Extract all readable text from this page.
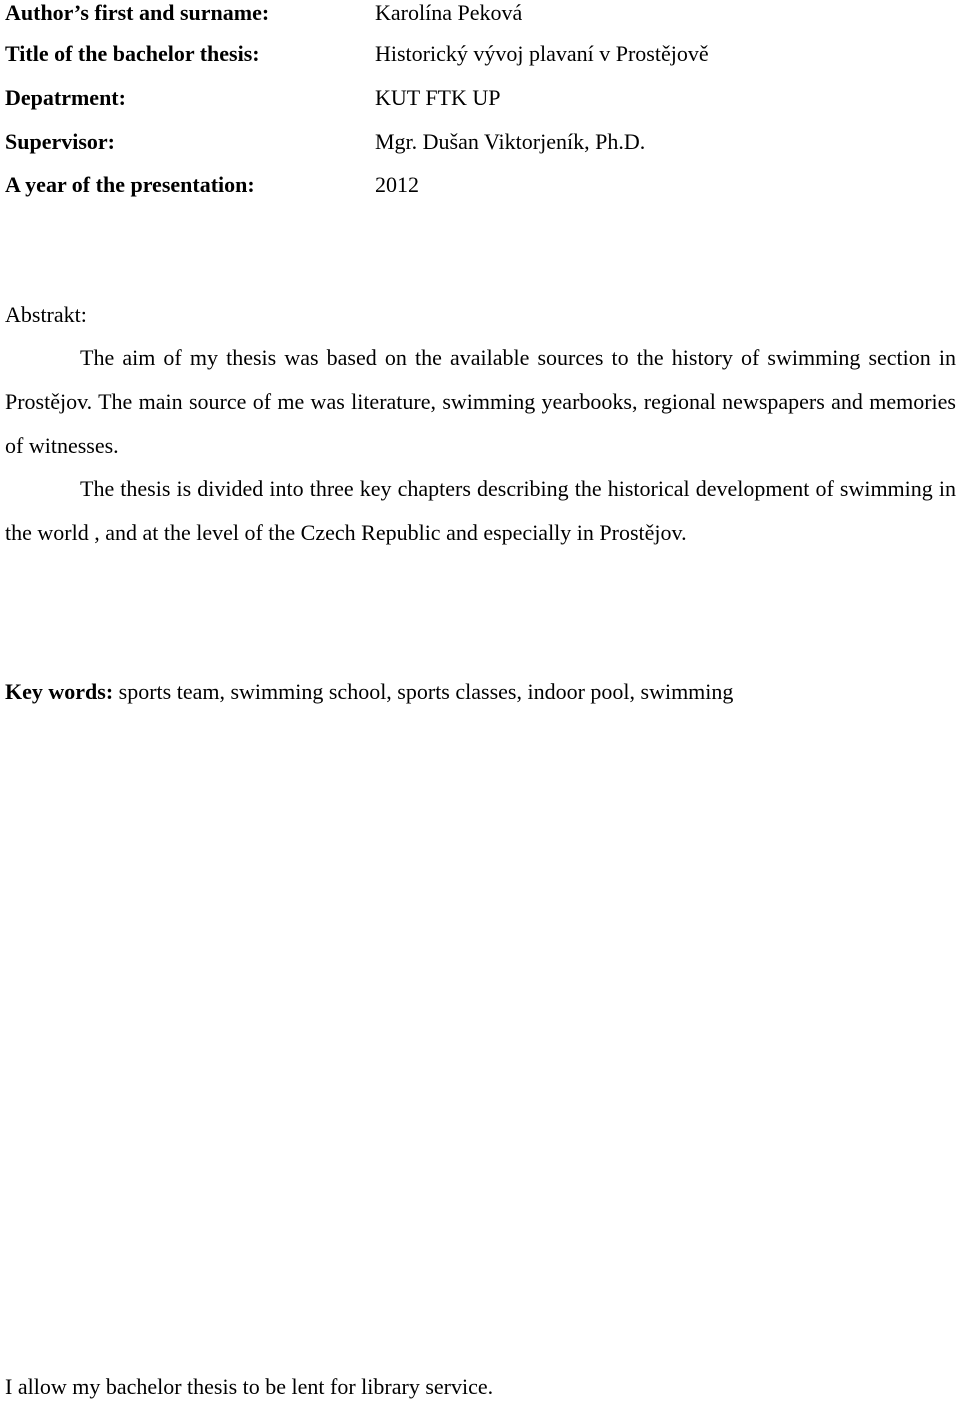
Author’s first and surname:	Karolína Peková
Title of the bachelor thesis:	Historický vývoj plavaní v Prostějově
Depatrment:	KUT FTK UP
Supervisor:	Mgr. Dušan Viktorjeník, Ph.D.
A year of the presentation:	2012
Abstrakt:

The aim of my thesis was based on the available sources to the history of swimming section in Prostějov. The main source of me was literature, swimming yearbooks, regional newspapers and memories of witnesses.

The thesis is divided into three key chapters describing the historical development of swimming in the world , and at the level of the Czech Republic and especially in Prostějov.

Key words: sports team, swimming school, sports classes, indoor pool, swimming
I allow my bachelor thesis to be lent for library service.
